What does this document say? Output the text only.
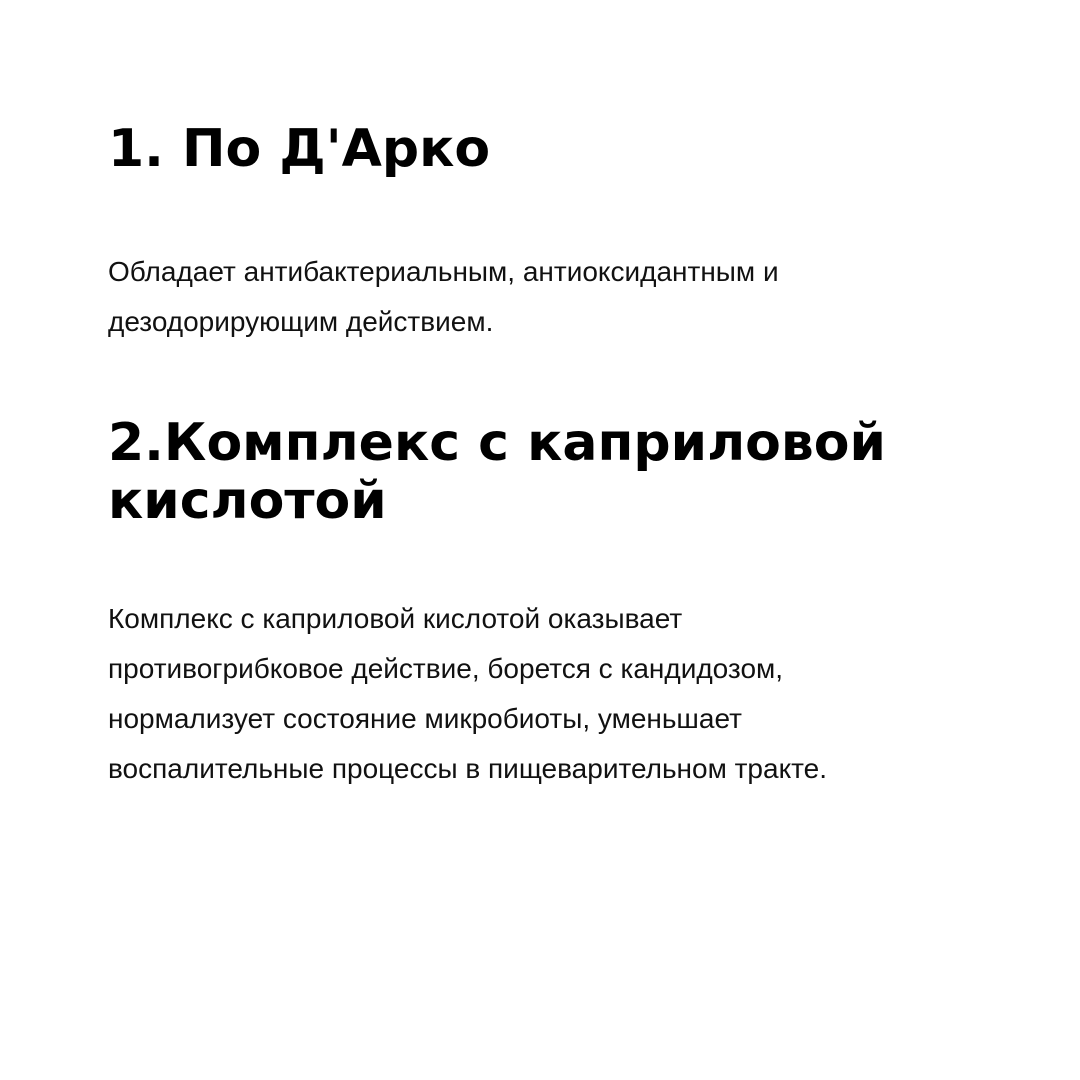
1. По Д'Арко

Обладает антибактериальным, антиоксидантным и
дезодорирующим действием.

2.Комплекс с каприловой
кислотой

Комплекс с каприловой кислотой оказывает
противогрибковое действие, борется с кандидозом,
нормализует состояние микробиоты, уменьшает
воспалительные процессы в пищеварительном тракте.
